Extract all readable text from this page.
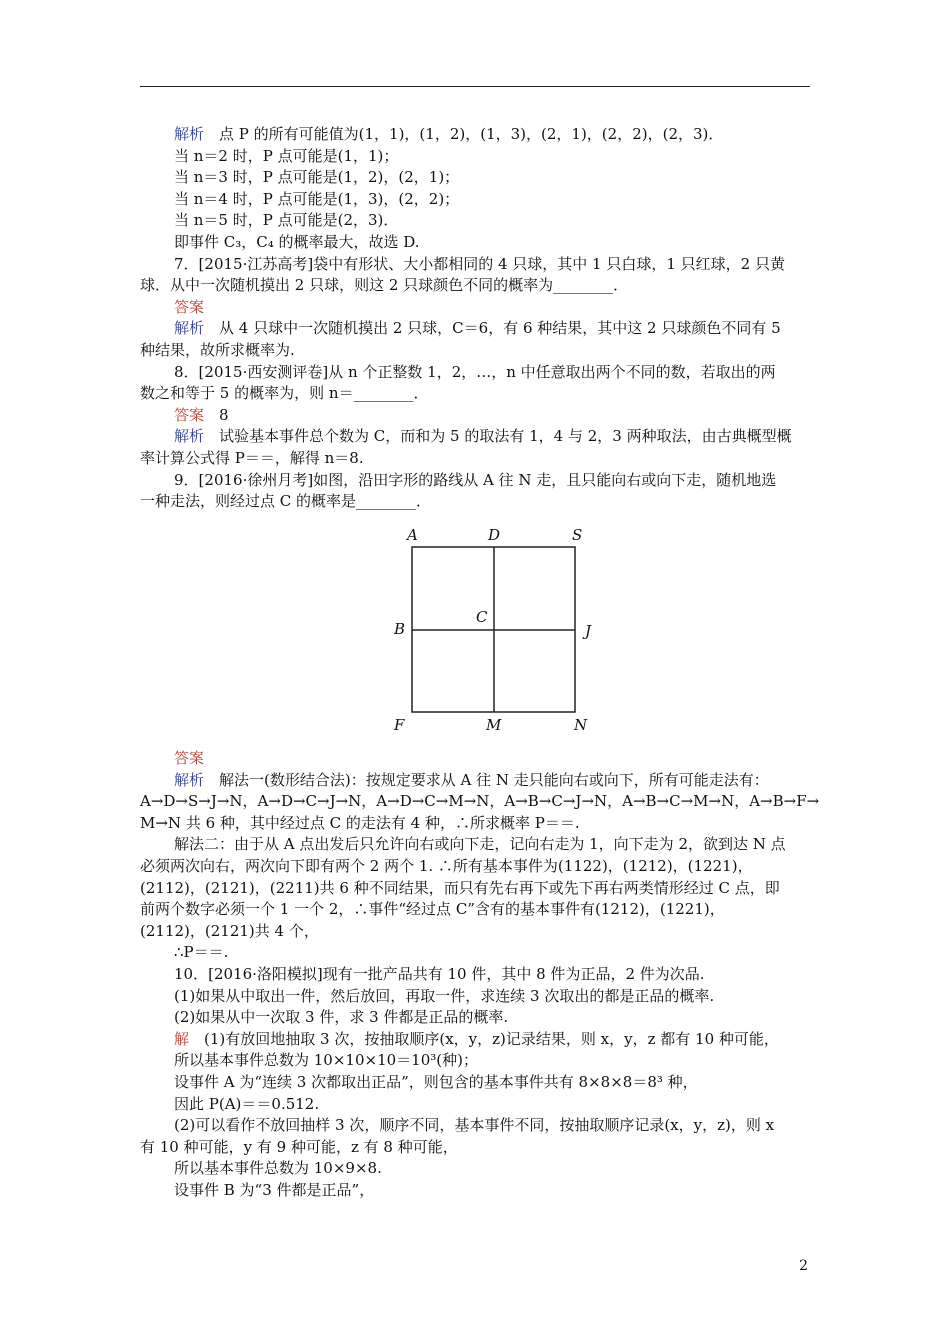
解析　点 P 的所有可能值为(1，1)，(1，2)，(1，3)，(2，1)，(2，2)，(2，3)．
当 n＝2 时，P 点可能是(1，1)；
当 n＝3 时，P 点可能是(1，2)，(2，1)；
当 n＝4 时，P 点可能是(1，3)，(2，2)；
当 n＝5 时，P 点可能是(2，3)．
即事件 C₃，C₄ 的概率最大，故选 D.
7．[2015·江苏高考]袋中有形状、大小都相同的 4 只球，其中 1 只白球，1 只红球，2 只黄
球．从中一次随机摸出 2 只球，则这 2 只球颜色不同的概率为________．
答案
解析　从 4 只球中一次随机摸出 2 只球，C＝6，有 6 种结果，其中这 2 只球颜色不同有 5
种结果，故所求概率为.
8．[2015·西安测评卷]从 n 个正整数 1，2，…，n 中任意取出两个不同的数，若取出的两
数之和等于 5 的概率为，则 n＝________．
答案　8
解析　试验基本事件总个数为 C，而和为 5 的取法有 1，4 与 2，3 两种取法，由古典概型概
率计算公式得 P＝＝，解得 n＝8.
9．[2016·徐州月考]如图，沿田字形的路线从 A 往 N 走，且只能向右或向下走，随机地选
一种走法，则经过点 C 的概率是________．
A	D	S
B
C
J
F	M	N
答案
解析　解法一(数形结合法)：按规定要求从 A 往 N 走只能向右或向下，所有可能走法有：
A→D→S→J→N，A→D→C→J→N，A→D→C→M→N，A→B→C→J→N，A→B→C→M→N，A→B→F→
M→N 共 6 种，其中经过点 C 的走法有 4 种，∴所求概率 P＝＝.
解法二：由于从 A 点出发后只允许向右或向下走，记向右走为 1，向下走为 2，欲到达 N 点
必须两次向右，两次向下即有两个 2 两个 1. ∴所有基本事件为(1122)，(1212)，(1221)，
(2112)，(2121)，(2211)共 6 种不同结果，而只有先右再下或先下再右两类情形经过 C 点，即
前两个数字必须一个 1 一个 2，∴事件“经过点 C”含有的基本事件有(1212)，(1221)，
(2112)，(2121)共 4 个，
∴P＝＝.
10．[2016·洛阳模拟]现有一批产品共有 10 件，其中 8 件为正品，2 件为次品.
(1)如果从中取出一件，然后放回，再取一件，求连续 3 次取出的都是正品的概率.
(2)如果从中一次取 3 件，求 3 件都是正品的概率.
解　(1)有放回地抽取 3 次，按抽取顺序(x，y，z)记录结果，则 x，y，z 都有 10 种可能，
所以基本事件总数为 10×10×10＝10³(种)；
设事件 A 为“连续 3 次都取出正品”，则包含的基本事件共有 8×8×8＝8³ 种，
因此 P(A)＝＝0.512.
(2)可以看作不放回抽样 3 次，顺序不同，基本事件不同，按抽取顺序记录(x，y，z)，则 x
有 10 种可能，y 有 9 种可能，z 有 8 种可能，
所以基本事件总数为 10×9×8.
设事件 B 为“3 件都是正品”，
2
